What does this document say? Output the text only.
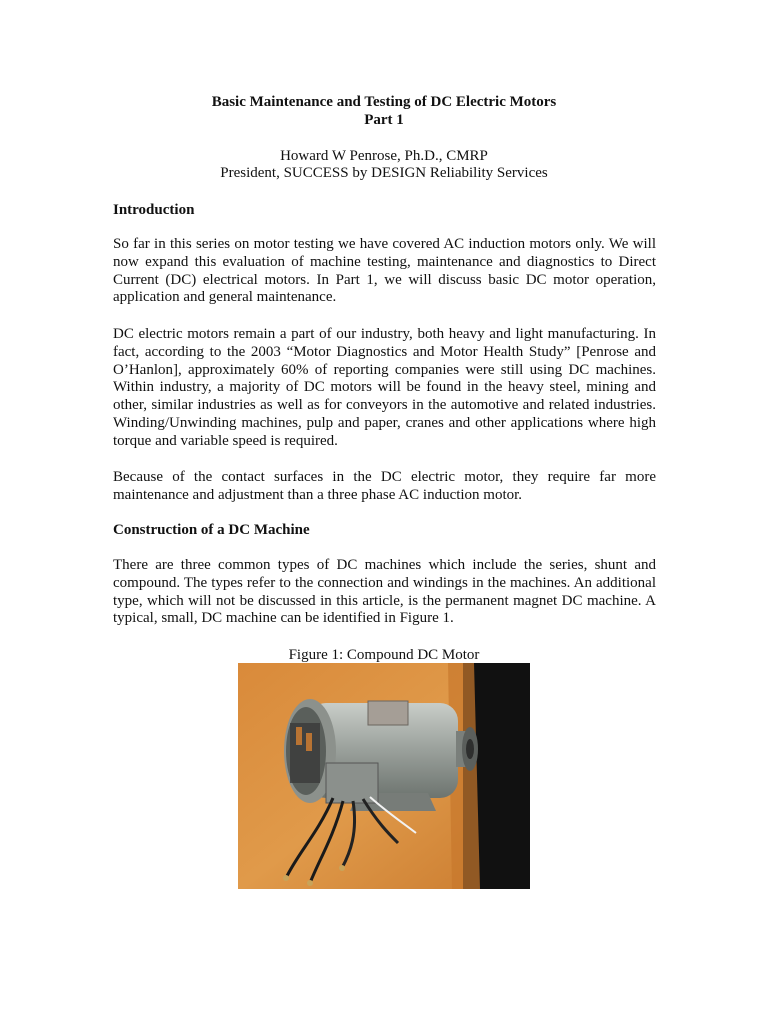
Basic Maintenance and Testing of DC Electric Motors
Part 1
Howard W Penrose, Ph.D., CMRP
President, SUCCESS by DESIGN Reliability Services
Introduction

So far in this series on motor testing we have covered AC induction motors only. We will now expand this evaluation of machine testing, maintenance and diagnostics to Direct Current (DC) electrical motors. In Part 1, we will discuss basic DC motor operation, application and general maintenance.

DC electric motors remain a part of our industry, both heavy and light manufacturing. In fact, according to the 2003 “Motor Diagnostics and Motor Health Study” [Penrose and O’Hanlon], approximately 60% of reporting companies were still using DC machines. Within industry, a majority of DC motors will be found in the heavy steel, mining and other, similar industries as well as for conveyors in the automotive and related industries. Winding/Unwinding machines, pulp and paper, cranes and other applications where high torque and variable speed is required.

Because of the contact surfaces in the DC electric motor, they require far more maintenance and adjustment than a three phase AC induction motor.

Construction of a DC Machine

There are three common types of DC machines which include the series, shunt and compound. The types refer to the connection and windings in the machines. An additional type, which will not be discussed in this article, is the permanent magnet DC machine. A typical, small, DC machine can be identified in Figure 1.

Figure 1: Compound DC Motor
